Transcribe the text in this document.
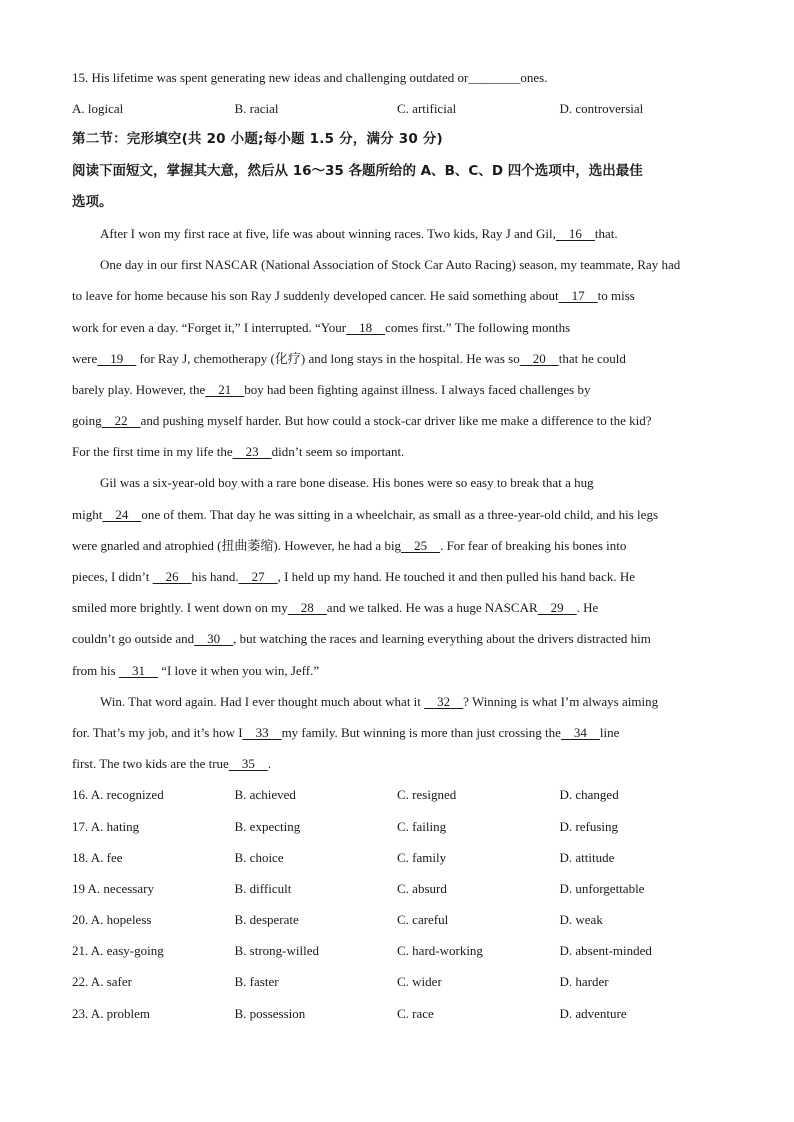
15. His lifetime was spent generating new ideas and challenging outdated or________ones.
A. logical	B. racial	C. artificial	D. controversial
第二节：完形填空(共 20 小题;每小题 1.5 分，满分 30 分)
阅读下面短文，掌握其大意，然后从 16～35 各题所给的 A、B、C、D 四个选项中，选出最佳
选项。
After I won my first race at five, life was about winning races. Two kids, Ray J and Gil,    16    that.
One day in our first NASCAR (National Association of Stock Car Auto Racing) season, my teammate, Ray had
to leave for home because his son Ray J suddenly developed cancer. He said something about    17    to miss
work for even a day. “Forget it,” I interrupted. “Your    18    comes first.” The following months
were    19     for Ray J, chemotherapy (化疗) and long stays in the hospital. He was so    20    that he could
barely play. However, the    21    boy had been fighting against illness. I always faced challenges by
going    22    and pushing myself harder. But how could a stock-car driver like me make a difference to the kid?
For the first time in my life the    23    didn’t seem so important.
Gil was a six-year-old boy with a rare bone disease. His bones were so easy to break that a hug
might    24    one of them. That day he was sitting in a wheelchair, as small as a three-year-old child, and his legs
were gnarled and atrophied (扭曲萎缩). However, he had a big    25    . For fear of breaking his bones into
pieces, I didn’t     26    his hand.    27    , I held up my hand. He touched it and then pulled his hand back. He
smiled more brightly. I went down on my    28    and we talked. He was a huge NASCAR    29    . He
couldn’t go outside and    30    , but watching the races and learning everything about the drivers distracted him
from his     31     “I love it when you win, Jeff.”
Win. That word again. Had I ever thought much about what it     32    ? Winning is what I’m always aiming
for. That’s my job, and it’s how I    33    my family. But winning is more than just crossing the    34    line
first. The two kids are the true    35    .
16. A. recognized	B. achieved	C. resigned	D. changed
17. A. hating	B. expecting	C. failing	D. refusing
18. A. fee	B. choice	C. family	D. attitude
19 A. necessary	B. difficult	C. absurd	D. unforgettable
20. A. hopeless	B. desperate	C. careful	D. weak
21. A. easy-going	B. strong-willed	C. hard-working	D. absent-minded
22. A. safer	B. faster	C. wider	D. harder
23. A. problem	B. possession	C. race	D. adventure
